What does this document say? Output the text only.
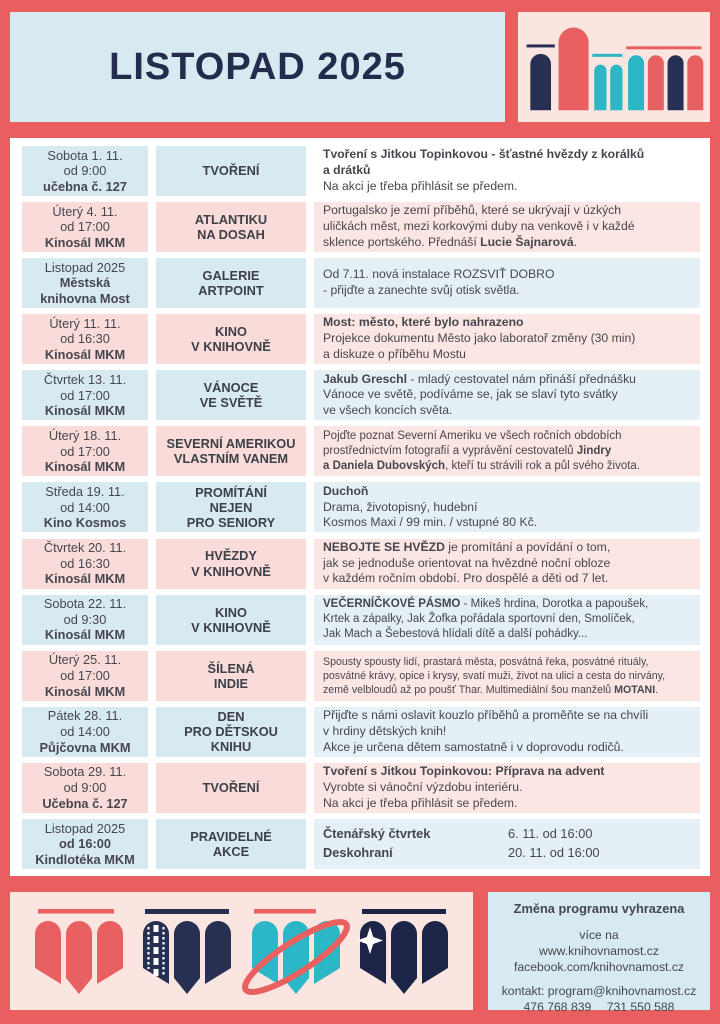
LISTOPAD 2025
Sobota 1. 11.
od 9:00
učebna č. 127
TVOŘENÍ
Tvoření s Jitkou Topinkovou - šťastné hvězdy z korálků
a drátků
Na akci je třeba přihlásit se předem.
Úterý 4. 11.
od 17:00
Kinosál MKM
ATLANTIKU
NA DOSAH
Portugalsko je zemí příběhů, které se ukrývají v úzkých
uličkách měst, mezi korkovými duby na venkově i v každé
sklence portského. Přednáší Lucie Šajnarová.
Listopad 2025
Městská
knihovna Most
GALERIE
ARTPOINT
Od 7.11. nová instalace ROZSVIŤ DOBRO
- přijďte a zanechte svůj otisk světla.
Úterý 11. 11.
od 16:30
Kinosál MKM
KINO
V KNIHOVNĚ
Most: město, které bylo nahrazeno
Projekce dokumentu Město jako laboratoř změny (30 min)
a diskuze o příběhu Mostu
Čtvrtek 13. 11.
od 17:00
Kinosál MKM
VÁNOCE
VE SVĚTĚ
Jakub Greschl - mladý cestovatel nám přináší přednášku
Vánoce ve světě, podíváme se, jak se slaví tyto svátky
ve všech koncích světa.
Úterý 18. 11.
od 17:00
Kinosál MKM
SEVERNÍ AMERIKOU
VLASTNÍM VANEM
Pojďte poznat Severní Ameriku ve všech ročních obdobích
prostřednictvím fotografií a vyprávění cestovatelů Jindry
a Daniela Dubovských, kteří tu strávili rok a půl svého života.
Středa 19. 11.
od 14:00
Kino Kosmos
PROMÍTÁNÍ
NEJEN
PRO SENIORY
Duchoň
Drama, životopisný, hudební
Kosmos Maxi / 99 min. / vstupné 80 Kč.
Čtvrtek 20. 11.
od 16:30
Kinosál MKM
HVĚZDY
V KNIHOVNĚ
NEBOJTE SE HVĚZD je promítání a povídání o tom,
jak se jednoduše orientovat na hvězdné noční obloze
v každém ročním období. Pro dospělé a děti od 7 let.
Sobota 22. 11.
od 9:30
Kinosál MKM
KINO
V KNIHOVNĚ
VEČERNÍČKOVÉ PÁSMO - Mikeš hrdina, Dorotka a papoušek,
Krtek a zápalky, Jak Žofka pořádala sportovní den, Smolíček,
Jak Mach a Šebestová hlídali dítě a další pohádky...
Úterý 25. 11.
od 17:00
Kinosál MKM
ŠÍLENÁ
INDIE
Spousty spousty lidí, prastará města, posvátná řeka, posvátné rituály, posvátné krávy, opice i krysy, svatí muži, život na ulici a cesta do nirvány, země velbloudů až po poušť Thar. Multimediální šou manželů MOTANI.
Pátek 28. 11.
od 14:00
Půjčovna MKM
DEN
PRO DĚTSKOU
KNIHU
Přijďte s námi oslavit kouzlo příběhů a proměňte se na chvíli
v hrdiny dětských knih!
Akce je určena dětem samostatně i v doprovodu rodičů.
Sobota 29. 11.
od 9:00
Učebna č. 127
TVOŘENÍ
Tvoření s Jitkou Topinkovou: Příprava na advent
Vyrobte si vánoční výzdobu interiéru.
Na akci je třeba přihlásit se předem.
Listopad 2025
od 16:00
Kindlotéka MKM
PRAVIDELNÉ
AKCE
Čtenářský čtvrtek	6. 11. od 16:00
Deskohraní	20. 11. od 16:00

Změna programu vyhrazena

více na

www.knihovnamost.cz

facebook.com/knihovnamost.cz

kontakt: program@knihovnamost.cz

476 768 839 731 550 588
